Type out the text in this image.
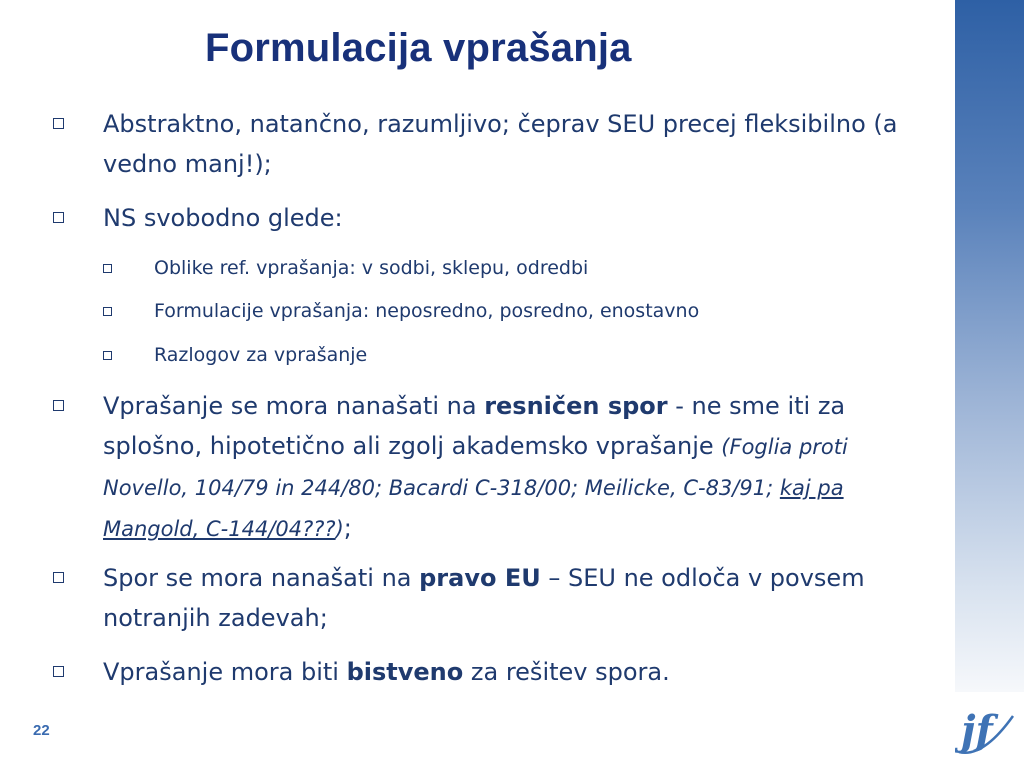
Formulacija vprašanja

Abstraktno, natančno, razumljivo; čeprav SEU precej fleksibilno (a vedno manj!);

NS svobodno glede:

Oblike ref. vprašanja: v sodbi, sklepu, odredbi

Formulacije vprašanja: neposredno, posredno, enostavno

Razlogov za vprašanje

Vprašanje se mora nanašati na resničen spor - ne sme iti za splošno, hipotetično ali zgolj akademsko vprašanje (Foglia proti Novello, 104/79 in 244/80; Bacardi C-318/00; Meilicke, C-83/91; kaj pa Mangold, C-144/04???);

Spor se mora nanašati na pravo EU – SEU ne odloča v povsem notranjih zadevah;

Vprašanje mora biti bistveno za rešitev spora.

22	jf
